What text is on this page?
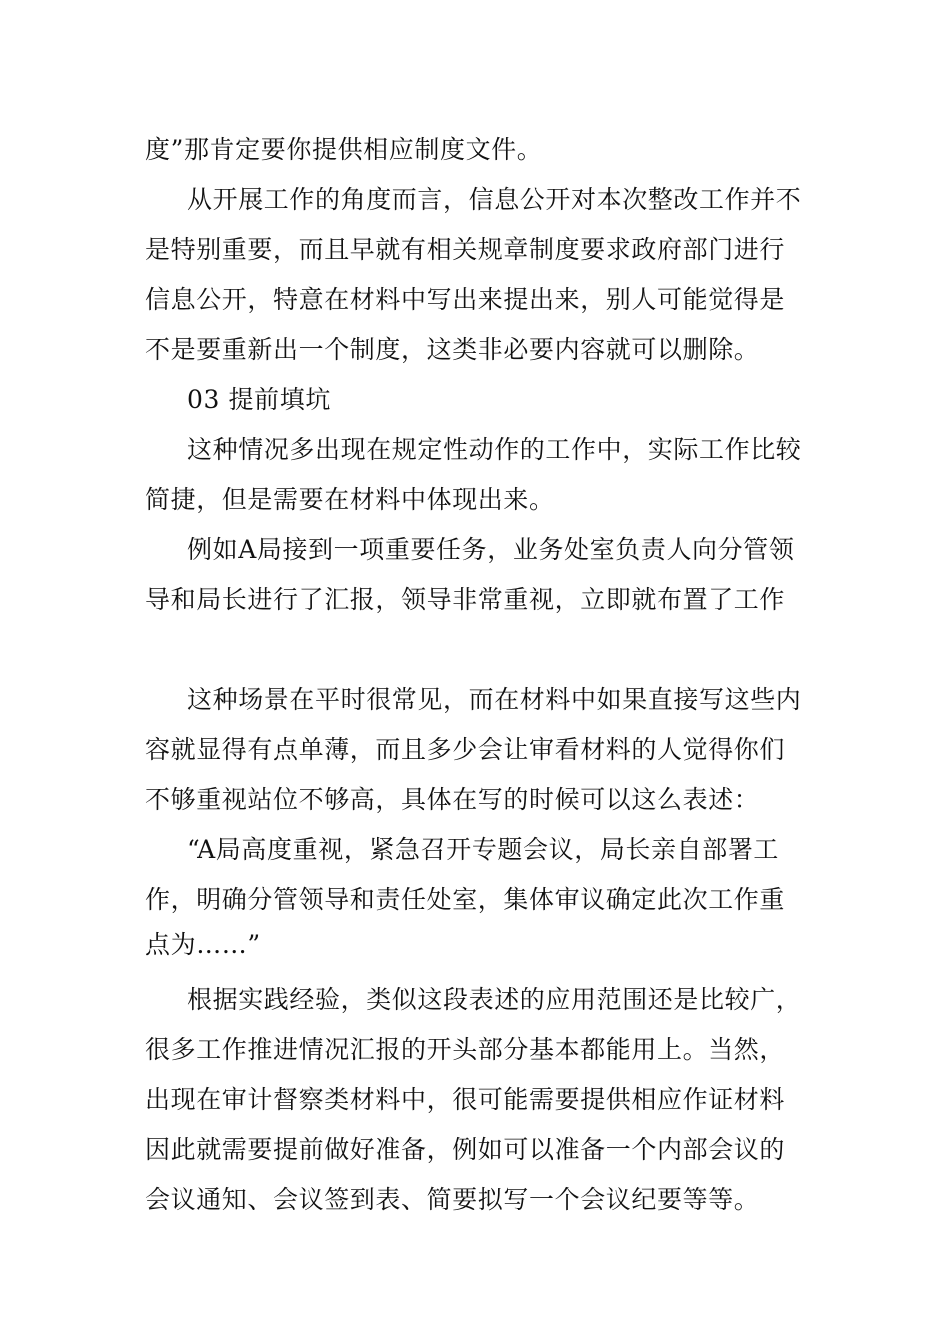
度”那肯定要你提供相应制度文件。
从开展工作的角度而言，信息公开对本次整改工作并不
是特别重要，而且早就有相关规章制度要求政府部门进行
信息公开，特意在材料中写出来提出来，别人可能觉得是
不是要重新出一个制度，这类非必要内容就可以删除。
03 提前填坑
这种情况多出现在规定性动作的工作中，实际工作比较
简捷，但是需要在材料中体现出来。
例如A局接到一项重要任务，业务处室负责人向分管领
导和局长进行了汇报，领导非常重视，立即就布置了工作
这种场景在平时很常见，而在材料中如果直接写这些内
容就显得有点单薄，而且多少会让审看材料的人觉得你们
不够重视站位不够高，具体在写的时候可以这么表述：
“A局高度重视，紧急召开专题会议，局长亲自部署工
作，明确分管领导和责任处室，集体审议确定此次工作重
点为……”
根据实践经验，类似这段表述的应用范围还是比较广，
很多工作推进情况汇报的开头部分基本都能用上。当然，
出现在审计督察类材料中，很可能需要提供相应作证材料
因此就需要提前做好准备，例如可以准备一个内部会议的
会议通知、会议签到表、简要拟写一个会议纪要等等。
